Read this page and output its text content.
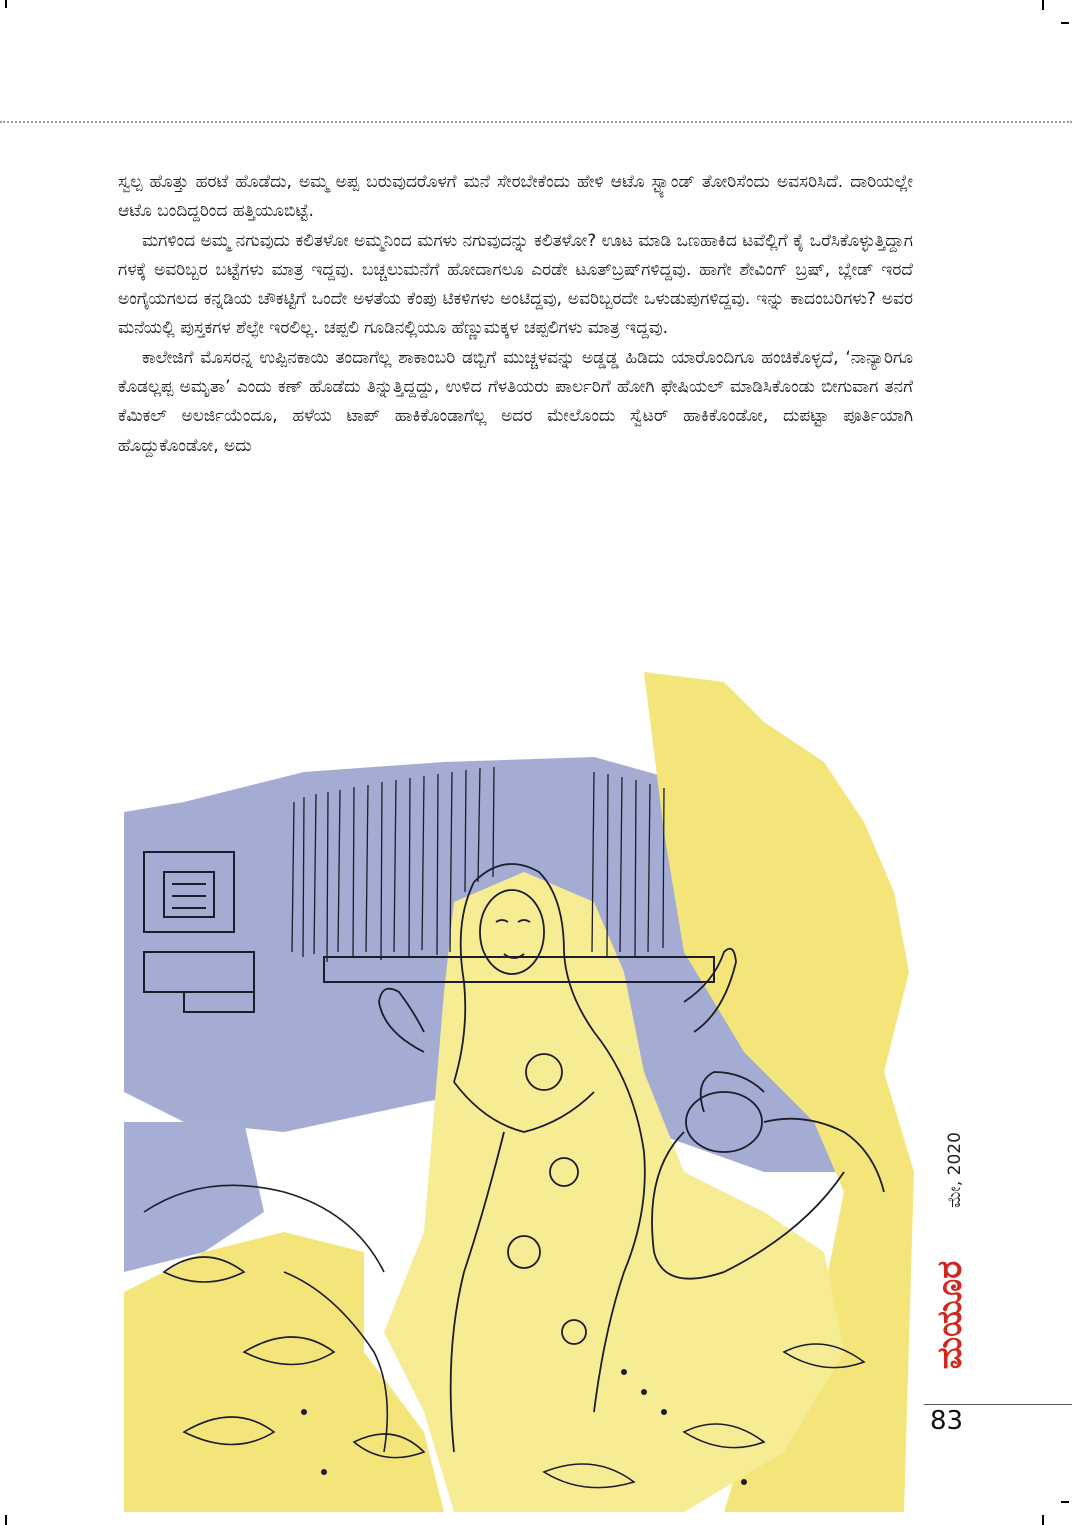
ಸ್ವಲ್ಪ ಹೊತ್ತು ಹರಟೆ ಹೊಡೆದು, ಅಮ್ಮ ಅಪ್ಪ ಬರುವುದರೊಳಗೆ ಮನೆ ಸೇರಬೇಕೆಂದು ಹೇಳಿ ಆಟೊ ಸ್ಟ್ಯಾಂಡ್ ತೋರಿಸೆಂದು ಅವಸರಿಸಿದೆ. ದಾರಿಯಲ್ಲೇ ಆಟೊ ಬಂದಿದ್ದರಿಂದ ಹತ್ತಿಯೂಬಿಟ್ಟೆ.

ಮಗಳಿಂದ ಅಮ್ಮ ನಗುವುದು ಕಲಿತಳೋ ಅಮ್ಮನಿಂದ ಮಗಳು ನಗುವುದನ್ನು ಕಲಿತಳೋ? ಊಟ ಮಾಡಿ ಒಣಹಾಕಿದ ಟವೆಲ್ಲಿಗೆ ಕೈ ಒರೆಸಿಕೊಳ್ಳುತ್ತಿದ್ದಾಗ ಗಳಕ್ಕೆ ಅವರಿಬ್ಬರ ಬಟ್ಟೆಗಳು ಮಾತ್ರ ಇದ್ದವು. ಬಚ್ಚಲುಮನೆಗೆ ಹೋದಾಗಲೂ ಎರಡೇ ಟೂತ್‌ಬ್ರಷ್‌ಗಳಿದ್ದವು. ಹಾಗೇ ಶೇವಿಂಗ್ ಬ್ರಷ್, ಬ್ಲೇಡ್ ಇರದೆ ಅಂಗೈಯಗಲದ ಕನ್ನಡಿಯ ಚೌಕಟ್ಟಿಗೆ ಒಂದೇ ಅಳತೆಯ ಕೆಂಪು ಟಿಕಳಿಗಳು ಅಂಟಿದ್ದವು, ಅವರಿಬ್ಬರದೇ ಒಳುಡುಪುಗಳಿದ್ದವು. ಇನ್ನು ಕಾದಂಬರಿಗಳು? ಅವರ ಮನೆಯಲ್ಲಿ ಪುಸ್ತಕಗಳ ಶೆಲ್ಫೇ ಇರಲಿಲ್ಲ. ಚಪ್ಪಲಿ ಗೂಡಿನಲ್ಲಿಯೂ ಹೆಣ್ಣುಮಕ್ಕಳ ಚಪ್ಪಲಿಗಳು ಮಾತ್ರ ಇದ್ದವು.

ಕಾಲೇಜಿಗೆ ಮೊಸರನ್ನ ಉಪ್ಪಿನಕಾಯಿ ತಂದಾಗೆಲ್ಲ ಶಾಕಾಂಬರಿ ಡಬ್ಬಿಗೆ ಮುಚ್ಚಳವನ್ನು ಅಡ್ಡಡ್ಡ ಹಿಡಿದು ಯಾರೊಂದಿಗೂ ಹಂಚಿಕೊಳ್ಳದೆ, ‘ನಾನ್ಯಾರಿಗೂ ಕೊಡಲ್ಲಪ್ಪ ಅಮೃತಾ’ ಎಂದು ಕಣ್ ಹೊಡೆದು ತಿನ್ನುತ್ತಿದ್ದದ್ದು, ಉಳಿದ ಗೆಳತಿಯರು ಪಾರ್ಲರಿಗೆ ಹೋಗಿ ಫೇಷಿಯಲ್ ಮಾಡಿಸಿಕೊಂಡು ಬೀಗುವಾಗ ತನಗೆ ಕೆಮಿಕಲ್ ಅಲರ್ಜಿಯೆಂದೂ, ಹಳೆಯ ಟಾಪ್ ಹಾಕಿಕೊಂಡಾಗೆಲ್ಲ ಅದರ ಮೇಲೊಂದು ಸ್ವೆಟರ್ ಹಾಕಿಕೊಂಡೋ, ದುಪಟ್ಟಾ ಪೂರ್ತಿಯಾಗಿ ಹೊದ್ದುಕೊಂಡೋ, ಅದು

ಮೇ, 2020
ಮಯೂರ
83
